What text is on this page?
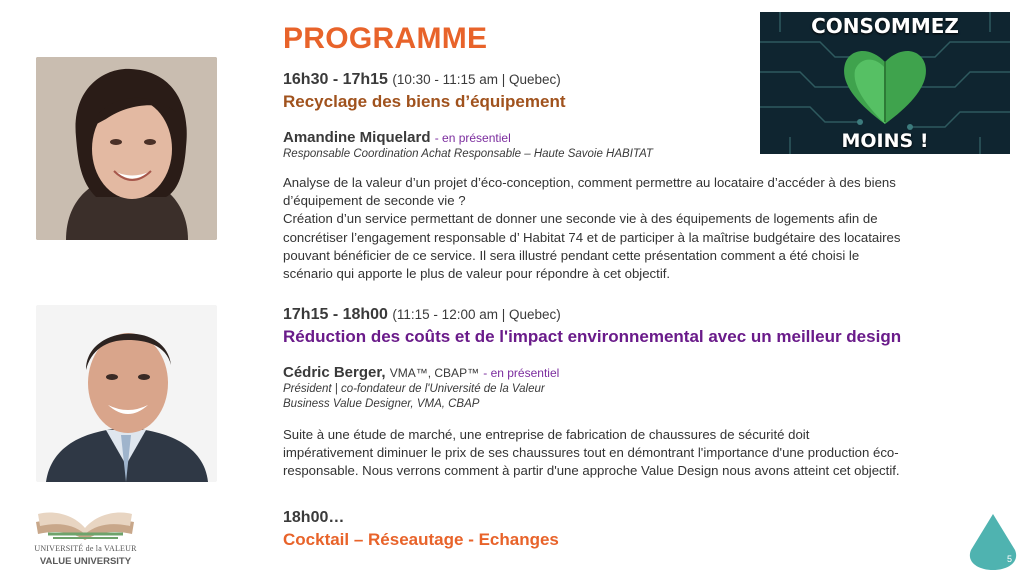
PROGRAMME	CONSOMMEZ
MOINS !
16h30 - 17h15 (10:30 - 11:15 am | Quebec)
Recyclage des biens d’équipement
Amandine Miquelard - en présentiel
Responsable Coordination Achat Responsable – Haute Savoie HABITAT
Analyse de la valeur d’un projet d’éco-conception, comment permettre au locataire d’accéder à des biens
d’équipement de seconde vie ?
Création d’un service permettant de donner une seconde vie à des équipements de logements afin de
concrétiser l’engagement responsable d’ Habitat 74 et de participer à la maîtrise budgétaire des locataires
pouvant bénéficier de ce service. Il sera illustré pendant cette présentation comment a été choisi le
scénario qui apporte le plus de valeur pour répondre à cet objectif.
17h15 - 18h00 (11:15 - 12:00 am | Quebec)
Réduction des coûts et de l'impact environnemental avec un meilleur design
Cédric Berger, VMA™, CBAP™ - en présentiel
Président | co-fondateur de l'Université de la Valeur
Business Value Designer, VMA, CBAP
Suite à une étude de marché, une entreprise de fabrication de chaussures de sécurité doit
impérativement diminuer le prix de ses chaussures tout en démontrant l'importance d'une production éco-
responsable. Nous verrons comment à partir d'une approche Value Design nous avons atteint cet objectif.
18h00…
Cocktail – Réseautage - Echanges
UNIVERSITÉ de la VALEUR
VALUE UNIVERSITY	5
